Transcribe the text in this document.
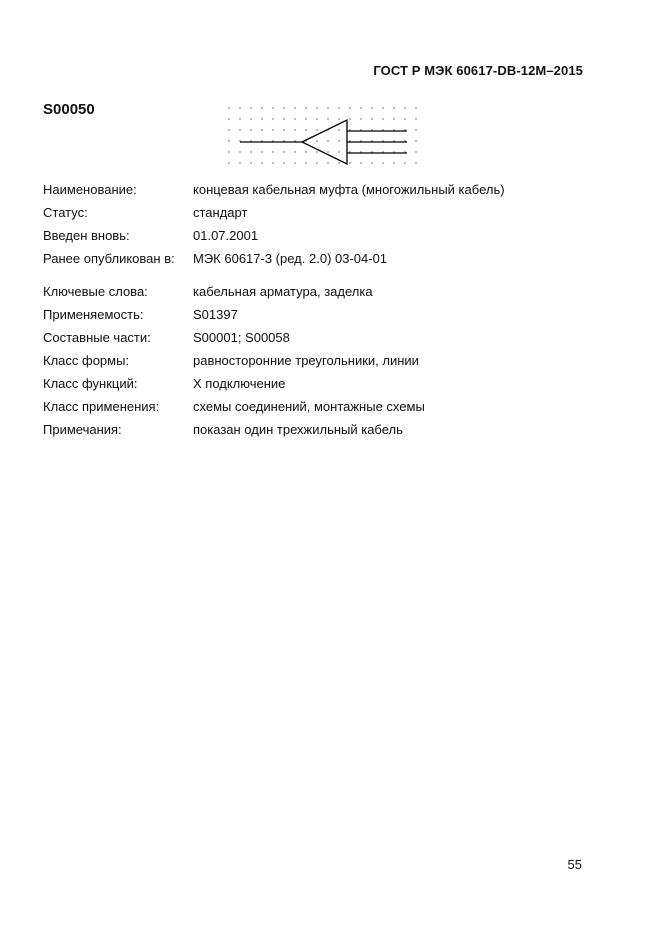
ГОСТ Р МЭК 60617-DB-12M–2015
S00050
Наименование:	концевая кабельная муфта (многожильный кабель)
Статус:	стандарт
Введен вновь:	01.07.2001
Ранее опубликован в: МЭК 60617-3 (ред. 2.0) 03-04-01
Ключевые слова:	кабельная арматура, заделка
Применяемость:	S01397
Составные части:	S00001; S00058
Класс формы:	равносторонние треугольники, линии
Класс функций:	X подключение
Класс применения:	схемы соединений, монтажные схемы
Примечания:	показан один трехжильный кабель
55
